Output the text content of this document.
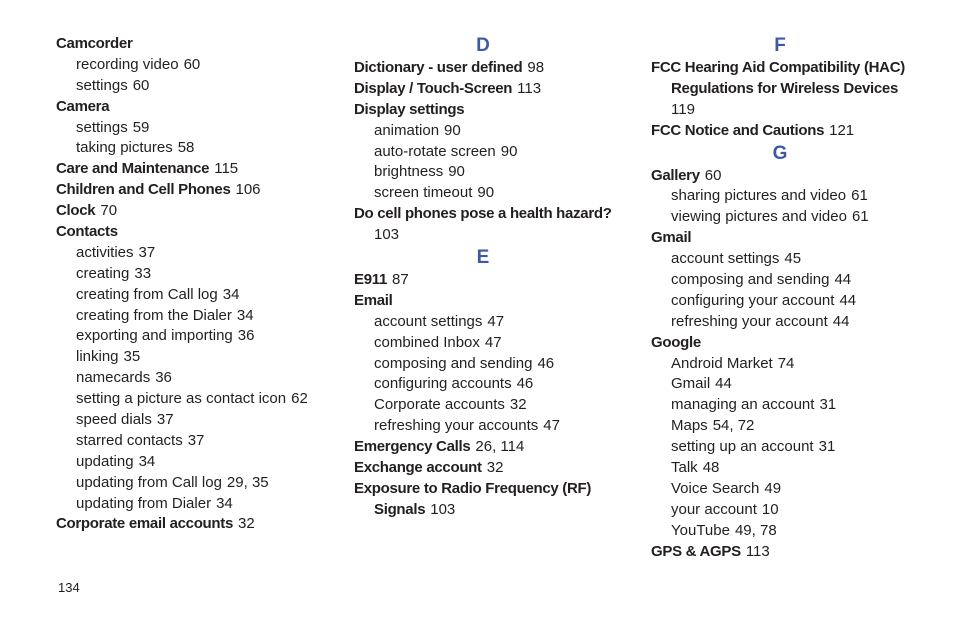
Camcorder
recording video 60
settings 60
Camera
settings 59
taking pictures 58
Care and Maintenance 115
Children and Cell Phones 106
Clock 70
Contacts
activities 37
creating 33
creating from Call log 34
creating from the Dialer 34
exporting and importing 36
linking 35
namecards 36
setting a picture as contact icon 62
speed dials 37
starred contacts 37
updating 34
updating from Call log 29, 35
updating from Dialer 34
Corporate email accounts 32
D
Dictionary - user defined 98
Display / Touch-Screen 113
Display settings
animation 90
auto-rotate screen 90
brightness 90
screen timeout 90
Do cell phones pose a health hazard?
103
E
E911 87
Email
account settings 47
combined Inbox 47
composing and sending 46
configuring accounts 46
Corporate accounts 32
refreshing your accounts 47
Emergency Calls 26, 114
Exchange account 32
Exposure to Radio Frequency (RF)
Signals 103
F
FCC Hearing Aid Compatibility (HAC)
Regulations for Wireless Devices
119
FCC Notice and Cautions 121
G
Gallery 60
sharing pictures and video 61
viewing pictures and video 61
Gmail
account settings 45
composing and sending 44
configuring your account 44
refreshing your account 44
Google
Android Market 74
Gmail 44
managing an account 31
Maps 54, 72
setting up an account 31
Talk 48
Voice Search 49
your account 10
YouTube 49, 78
GPS & AGPS 113
134
